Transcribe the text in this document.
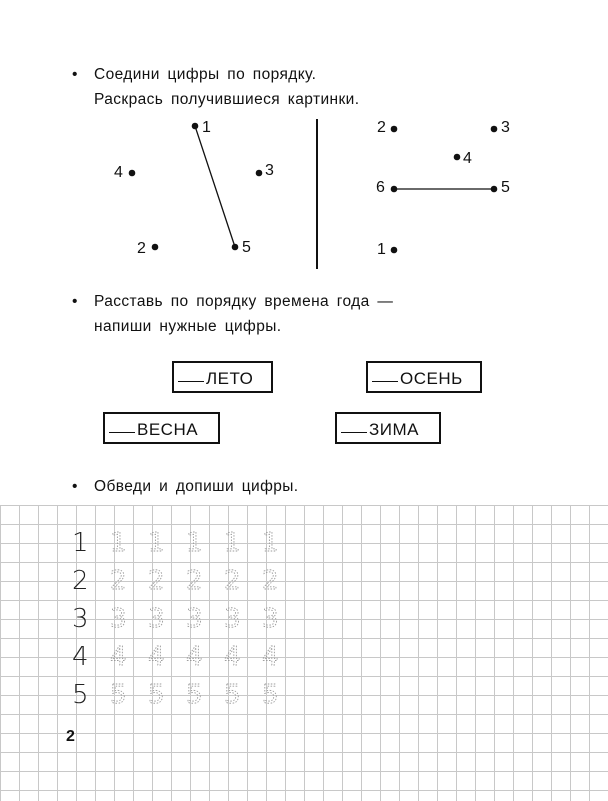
•	Соедини цифры по порядку.
Раскрась получившиеся картинки.
1
2
3
4
5	1
2	3
4
5
6
•	Расставь по порядку времена года —
напиши нужные цифры.
ЛЕТО	ОСЕНЬ
ВЕСНА	ЗИМА
•	Обведи и допиши цифры.
1 1 1 1 1 1
2 2 2 2 2 2
3 3 3 3 3 3
4 4 4 4 4 4
5 5 5 5 5 5
2
